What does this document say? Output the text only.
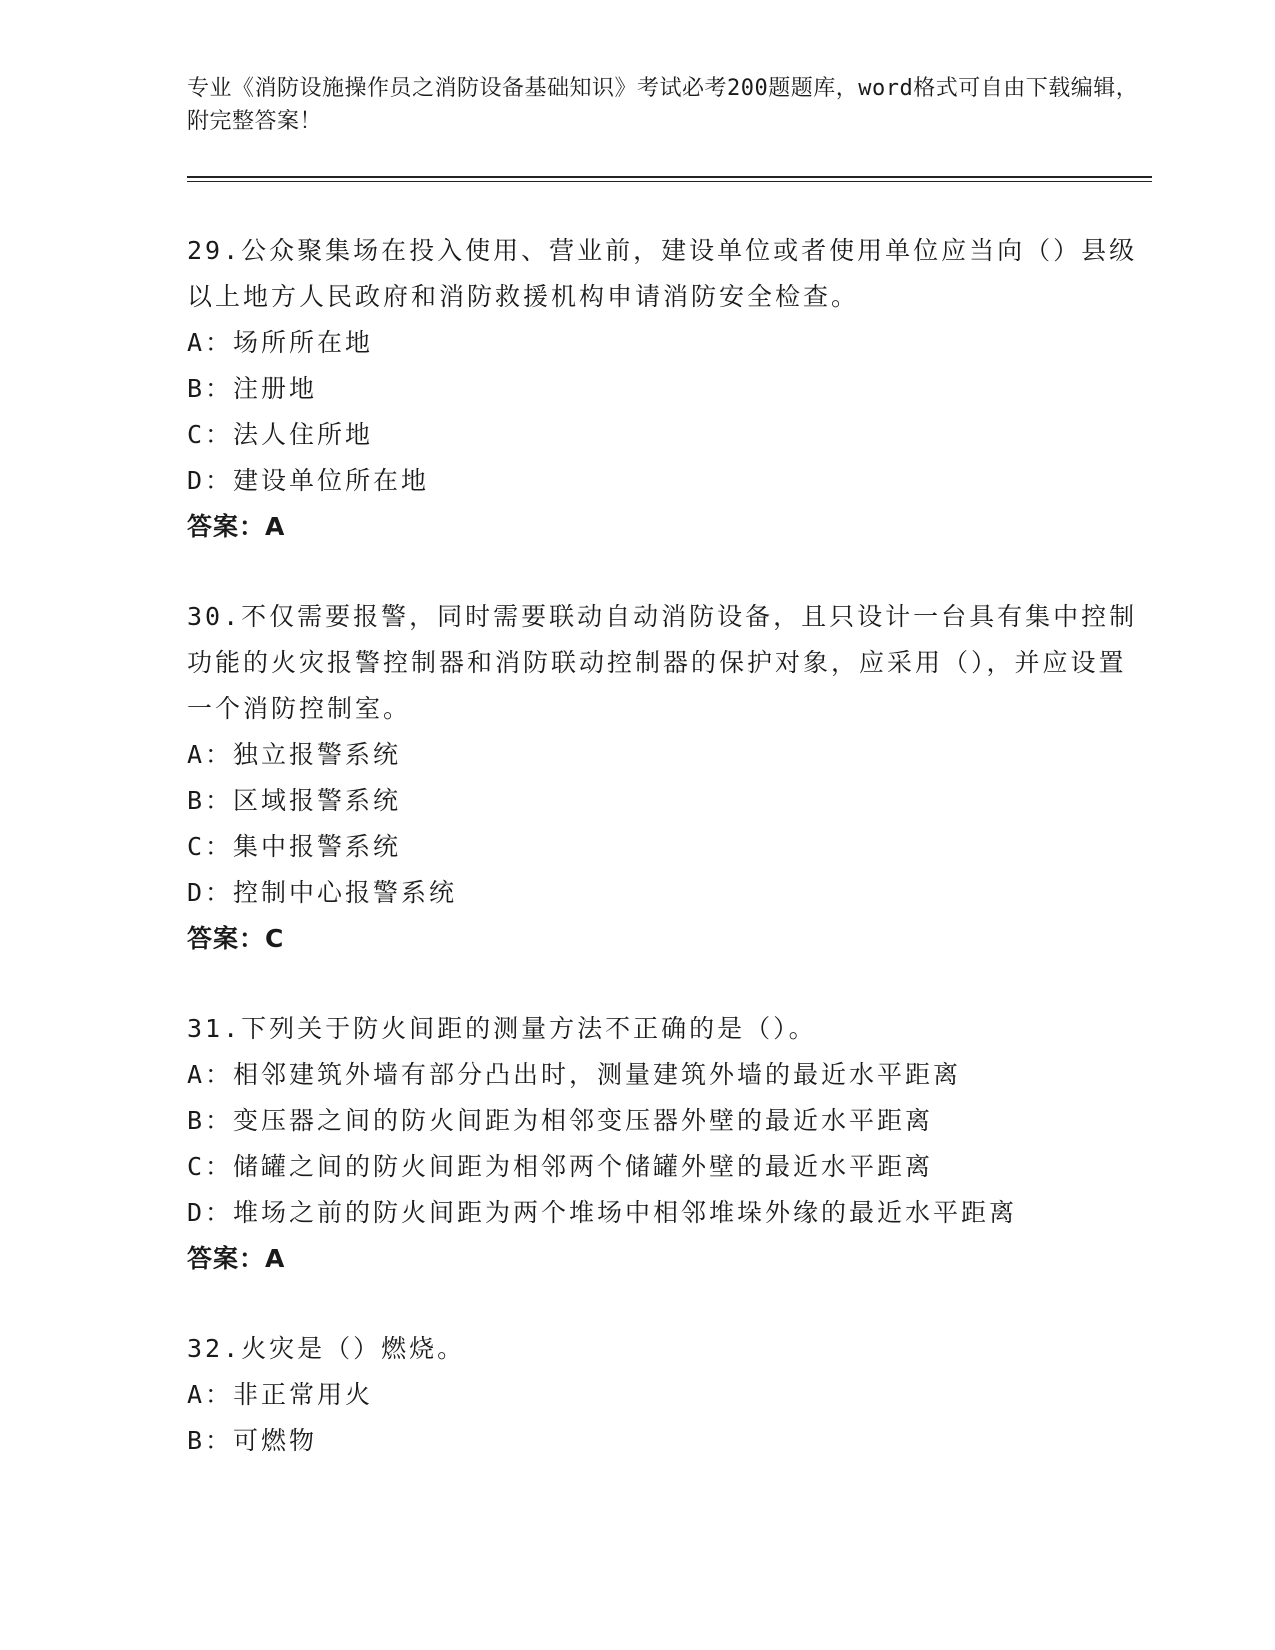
专业《消防设施操作员之消防设备基础知识》考试必考200题题库，word格式可自由下载编辑，附完整答案！

29.公众聚集场在投入使用、营业前，建设单位或者使用单位应当向（）县级以上地方人民政府和消防救援机构申请消防安全检查。

A： 场所所在地

B： 注册地

C： 法人住所地

D： 建设单位所在地

答案：A

30.不仅需要报警，同时需要联动自动消防设备，且只设计一台具有集中控制功能的火灾报警控制器和消防联动控制器的保护对象，应采用（），并应设置一个消防控制室。

A： 独立报警系统

B： 区域报警系统

C： 集中报警系统

D： 控制中心报警系统

答案：C

31.下列关于防火间距的测量方法不正确的是（）。

A： 相邻建筑外墙有部分凸出时，测量建筑外墙的最近水平距离

B： 变压器之间的防火间距为相邻变压器外壁的最近水平距离

C： 储罐之间的防火间距为相邻两个储罐外壁的最近水平距离

D： 堆场之前的防火间距为两个堆场中相邻堆垛外缘的最近水平距离

答案：A

32.火灾是（）燃烧。

A： 非正常用火

B： 可燃物
